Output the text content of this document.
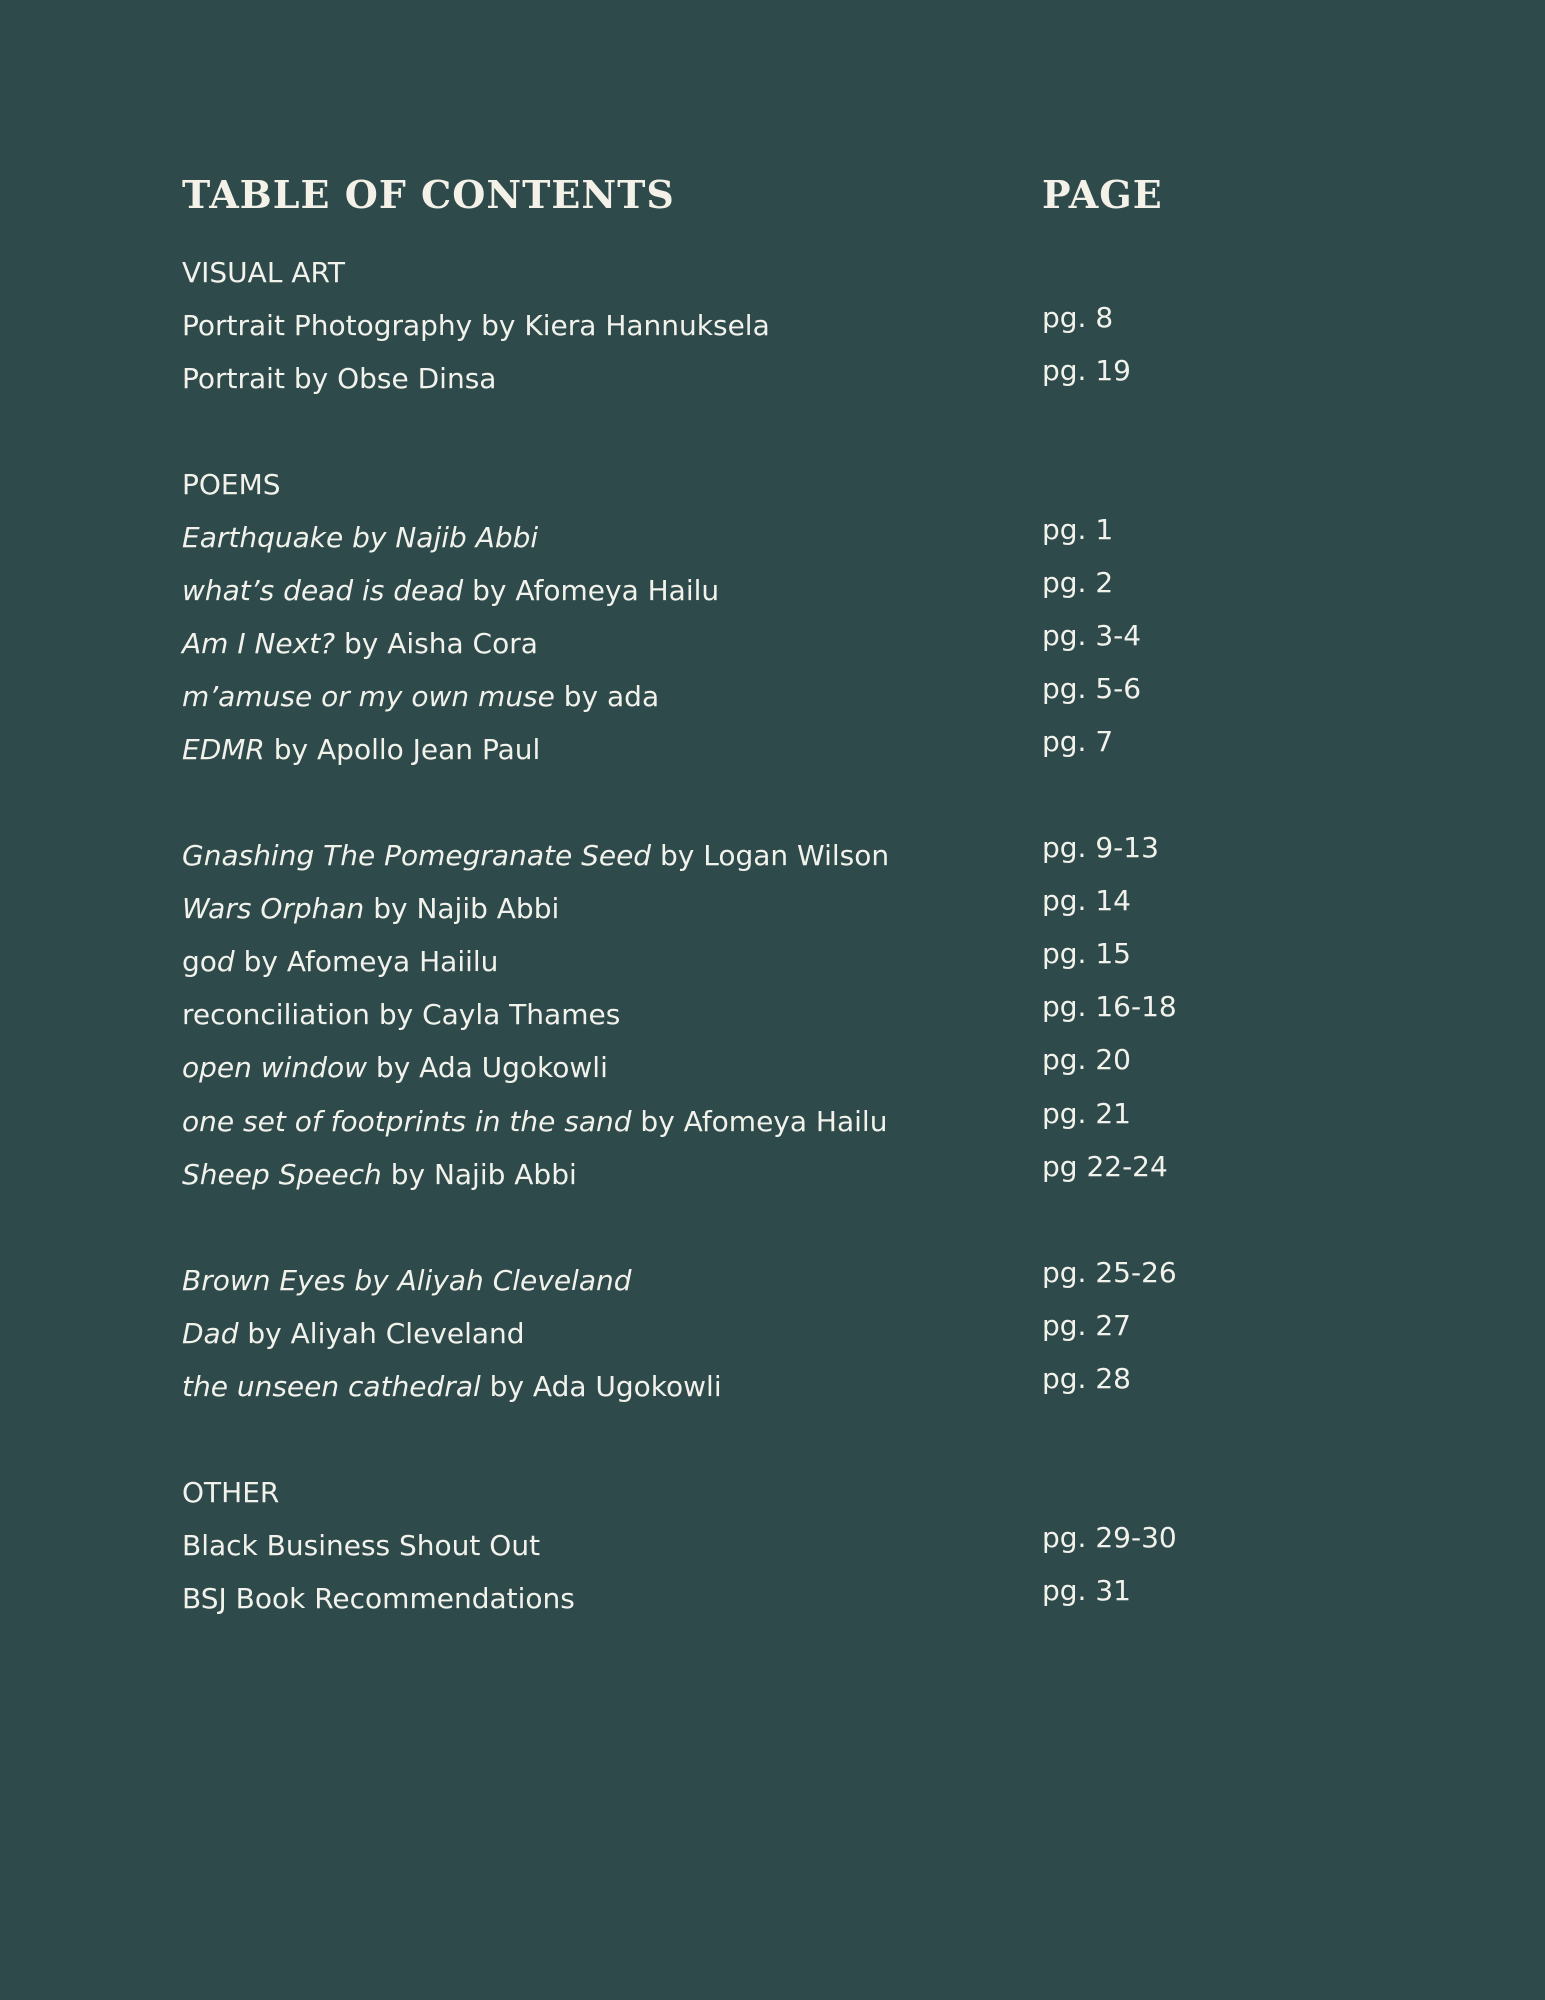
TABLE OF CONTENTS	PAGE
VISUAL ART
Portrait Photography by Kiera Hannuksela	pg. 8
Portrait by Obse Dinsa	pg. 19
POEMS
Earthquake by Najib Abbi	pg. 1
what’s dead is dead by Afomeya Hailu	pg. 2
Am I Next? by Aisha Cora	pg. 3-4
m’amuse or my own muse by ada	pg. 5-6
EDMR by Apollo Jean Paul	pg. 7
Gnashing The Pomegranate Seed by Logan Wilson	pg. 9-13
Wars Orphan by Najib Abbi	pg. 14
god by Afomeya Haiilu	pg. 15
reconciliation by Cayla Thames	pg. 16-18
open window by Ada Ugokowli	pg. 20
one set of footprints in the sand by Afomeya Hailu	pg. 21
Sheep Speech by Najib Abbi	pg 22-24
Brown Eyes by Aliyah Cleveland	pg. 25-26
Dad by Aliyah Cleveland	pg. 27
the unseen cathedral by Ada Ugokowli	pg. 28
OTHER
Black Business Shout Out	pg. 29-30
BSJ Book Recommendations	pg. 31
